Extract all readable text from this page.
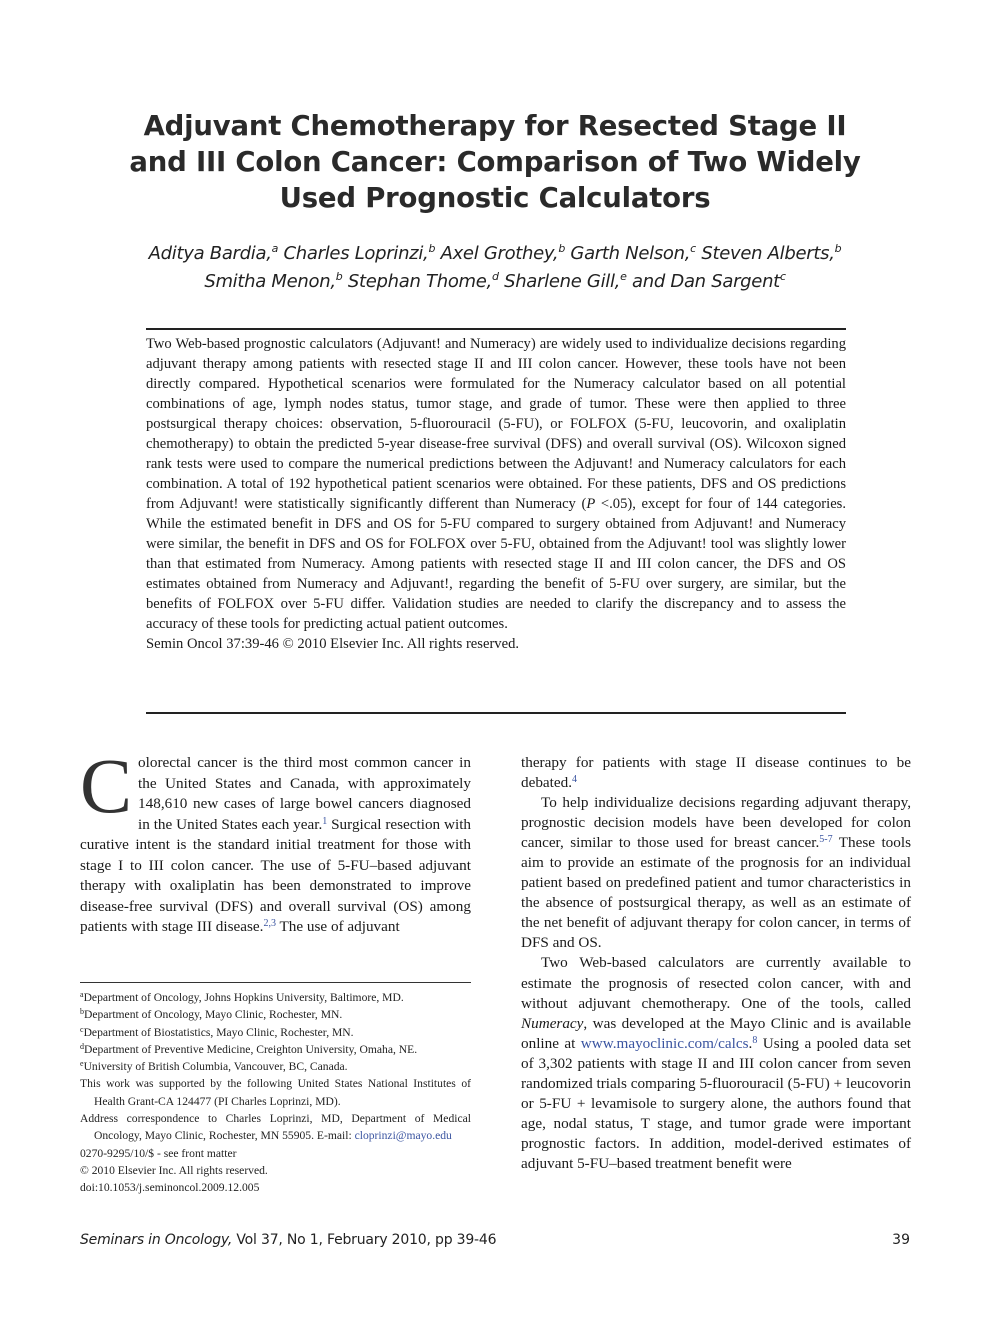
Adjuvant Chemotherapy for Resected Stage II and III Colon Cancer: Comparison of Two Widely Used Prognostic Calculators

Aditya Bardia,$^a$ Charles Loprinzi,$^b$ Axel Grothey,$^b$ Garth Nelson,$^c$ Steven Alberts,$^b$
Smitha Menon,$^b$ Stephan Thome,$^d$ Sharlene Gill,$^e$ and Dan Sargent$^c$

Two Web-based prognostic calculators (Adjuvant! and Numeracy) are widely used to individualize decisions regarding adjuvant therapy among patients with resected stage II and III colon cancer. However, these tools have not been directly compared. Hypothetical scenarios were formulated for the Numeracy calculator based on all potential combinations of age, lymph nodes status, tumor stage, and grade of tumor. These were then applied to three postsurgical therapy choices: observation, 5-fluorouracil (5-FU), or FOLFOX (5-FU, leucovorin, and oxaliplatin chemotherapy) to obtain the predicted 5-year disease-free survival (DFS) and overall survival (OS). Wilcoxon signed rank tests were used to compare the numerical predictions between the Adjuvant! and Numeracy calculators for each combination. A total of 192 hypothetical patient scenarios were obtained. For these patients, DFS and OS predictions from Adjuvant! were statistically significantly different than Numeracy (P <.05), except for four of 144 categories. While the estimated benefit in DFS and OS for 5-FU compared to surgery obtained from Adjuvant! and Numeracy were similar, the benefit in DFS and OS for FOLFOX over 5-FU, obtained from the Adjuvant! tool was slightly lower than that estimated from Numeracy. Among patients with resected stage II and III colon cancer, the DFS and OS estimates obtained from Numeracy and Adjuvant!, regarding the benefit of 5-FU over surgery, are similar, but the benefits of FOLFOX over 5-FU differ. Validation studies are needed to clarify the discrepancy and to assess the accuracy of these tools for predicting actual patient outcomes.
Semin Oncol 37:39-46 © 2010 Elsevier Inc. All rights reserved.

Colorectal cancer is the third most common cancer in the United States and Canada, with approximately 148,610 new cases of large bowel cancers diagnosed in the United States each year.$^1$ Surgical resection with curative intent is the standard initial treatment for those with stage I to III colon cancer. The use of 5-FU–based adjuvant therapy with oxaliplatin has been demonstrated to improve disease-free survival (DFS) and overall survival (OS) among patients with stage III disease.$^{2,3}$ The use of adjuvant

therapy for patients with stage II disease continues to be debated.$^4$

To help individualize decisions regarding adjuvant therapy, prognostic decision models have been developed for colon cancer, similar to those used for breast cancer.$^{5-7}$ These tools aim to provide an estimate of the prognosis for an individual patient based on predefined patient and tumor characteristics in the absence of postsurgical therapy, as well as an estimate of the net benefit of adjuvant therapy for colon cancer, in terms of DFS and OS.

Two Web-based calculators are currently available to estimate the prognosis of resected colon cancer, with and without adjuvant chemotherapy. One of the tools, called Numeracy, was developed at the Mayo Clinic and is available online at www.mayoclinic.com/calcs.$^8$ Using a pooled data set of 3,302 patients with stage II and III colon cancer from seven randomized trials comparing 5-fluorouracil (5-FU) + leucovorin or 5-FU + levamisole to surgery alone, the authors found that age, nodal status, T stage, and tumor grade were important prognostic factors. In addition, model-derived estimates of adjuvant 5-FU–based treatment benefit were

$^a$Department of Oncology, Johns Hopkins University, Baltimore, MD.

$^b$Department of Oncology, Mayo Clinic, Rochester, MN.

$^c$Department of Biostatistics, Mayo Clinic, Rochester, MN.

$^d$Department of Preventive Medicine, Creighton University, Omaha, NE.

$^e$University of British Columbia, Vancouver, BC, Canada.

This work was supported by the following United States National Institutes of Health Grant-CA 124477 (PI Charles Loprinzi, MD).

Address correspondence to Charles Loprinzi, MD, Department of Medical Oncology, Mayo Clinic, Rochester, MN 55905. E-mail: cloprinzi@mayo.edu

0270-9295/10/$ - see front matter

© 2010 Elsevier Inc. All rights reserved.

doi:10.1053/j.seminoncol.2009.12.005

Seminars in Oncology, Vol 37, No 1, February 2010, pp 39-46	39
